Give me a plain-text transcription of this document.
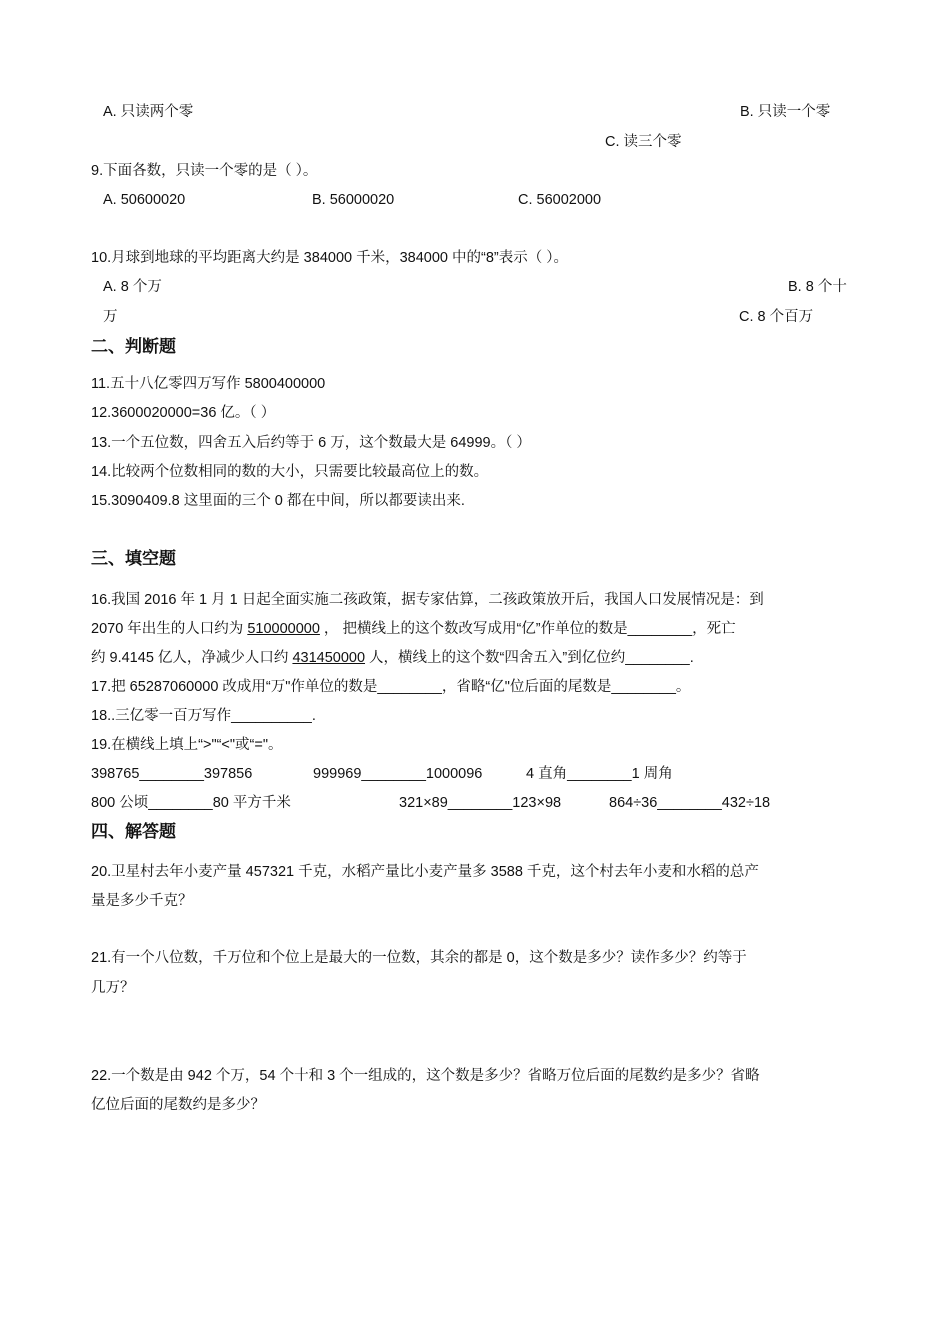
A. 只读两个零	B. 只读一个零
C. 读三个零
9.下面各数，只读一个零的是（ ）。
A. 50600020	B. 56000020	C. 56002000
10.月球到地球的平均距离大约是 384000 千米，384000 中的“8”表示（ ）。
A. 8 个万	B. 8 个十
万	C. 8 个百万
二、判断题
11.五十八亿零四万写作 5800400000
12.3600020000=36 亿。（ ）
13.一个五位数，四舍五入后约等于 6 万，这个数最大是 64999。（ ）
14.比较两个位数相同的数的大小，只需要比较最高位上的数。
15.3090409.8 这里面的三个 0 都在中间，所以都要读出来.
三、填空题
16.我国 2016 年 1 月 1 日起全面实施二孩政策，据专家估算，二孩政策放开后，我国人口发展情况是：到
2070 年出生的人口约为 510000000 ， 把横线上的这个数改写成用“亿”作单位的数是________，死亡
约 9.4145 亿人，净减少人口约 431450000 人，横线上的这个数“四舍五入”到亿位约________.
17.把 65287060000 改成用“万"作单位的数是________，省略“亿"位后面的尾数是________。
18..三亿零一百万写作__________.
19.在横线上填上“>"“<"或“="。
398765________397856	999969________1000096	4 直角________1 周角
800 公顷________80 平方千米	321×89________123×98	864÷36________432÷18
四、解答题
20.卫星村去年小麦产量 457321 千克，水稻产量比小麦产量多 3588 千克，这个村去年小麦和水稻的总产
量是多少千克？
21.有一个八位数，千万位和个位上是最大的一位数，其余的都是 0，这个数是多少？读作多少？约等于
几万？
22.一个数是由 942 个万，54 个十和 3 个一组成的，这个数是多少？省略万位后面的尾数约是多少？省略
亿位后面的尾数约是多少？
